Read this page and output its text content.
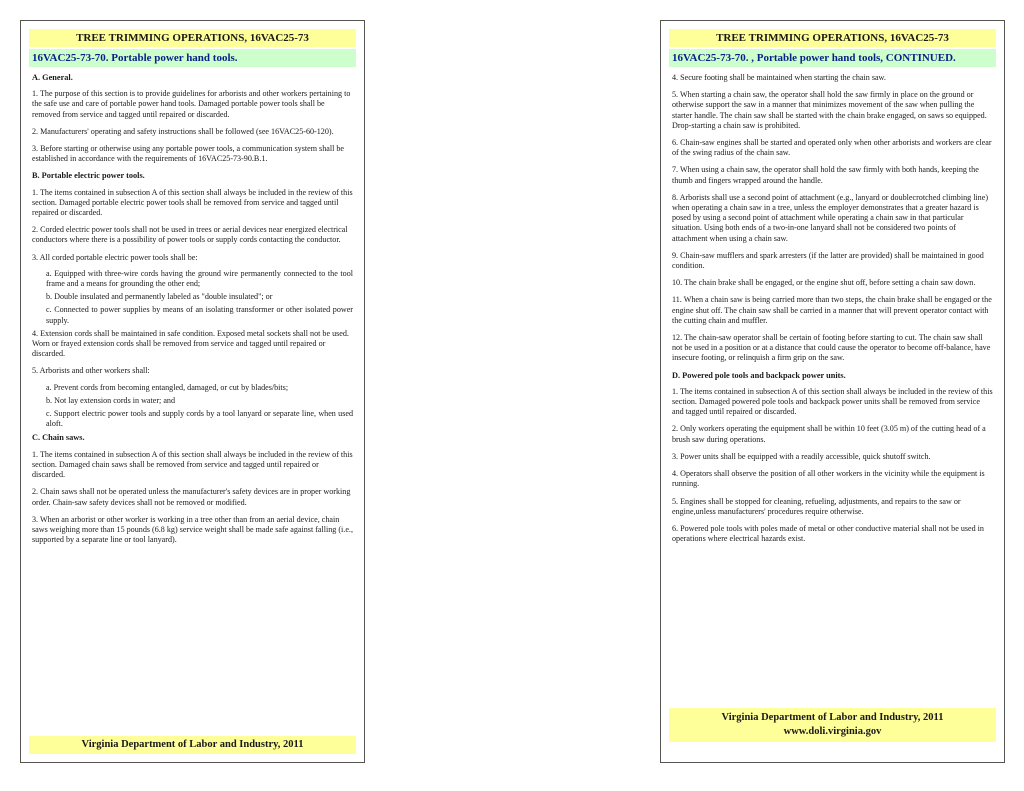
TREE TRIMMING OPERATIONS, 16VAC25-73
16VAC25-73-70. Portable power hand tools.
A. General.

1. The purpose of this section is to provide guidelines for arborists and other workers pertaining to the safe use and care of portable power hand tools. Damaged portable power tools shall be removed from service and tagged until repaired or discarded.

2. Manufacturers' operating and safety instructions shall be followed (see 16VAC25-60-120).

3. Before starting or otherwise using any portable power tools, a communication system shall be established in accordance with the requirements of 16VAC25-73-90.B.1.

B. Portable electric power tools.

1. The items contained in subsection A of this section shall always be included in the review of this section. Damaged portable electric power tools shall be removed from service and tagged until repaired or discarded.

2. Corded electric power tools shall not be used in trees or aerial devices near energized electrical conductors where there is a possibility of power tools or supply cords contacting the conductor.

3. All corded portable electric power tools shall be:

a. Equipped with three-wire cords having the ground wire permanently connected to the tool frame and a means for grounding the other end;

b. Double insulated and permanently labeled as "double insulated"; or

c. Connected to power supplies by means of an isolating transformer or other isolated power supply.

4. Extension cords shall be maintained in safe condition. Exposed metal sockets shall not be used. Worn or frayed extension cords shall be removed from service and tagged until repaired or discarded.

5. Arborists and other workers shall:

a. Prevent cords from becoming entangled, damaged, or cut by blades/bits;

b. Not lay extension cords in water; and

c. Support electric power tools and supply cords by a tool lanyard or separate line, when used aloft.

C. Chain saws.

1. The items contained in subsection A of this section shall always be included in the review of this section. Damaged chain saws shall be removed from service and tagged until repaired or discarded.

2. Chain saws shall not be operated unless the manufacturer's safety devices are in proper working order. Chain-saw safety devices shall not be removed or modified.

3. When an arborist or other worker is working in a tree other than from an aerial device, chain saws weighing more than 15 pounds (6.8 kg) service weight shall be made safe against falling (i.e., supported by a separate line or tool lanyard).

Virginia Department of Labor and Industry, 2011
TREE TRIMMING OPERATIONS, 16VAC25-73
16VAC25-73-70. , Portable power hand tools, CONTINUED.

4. Secure footing shall be maintained when starting the chain saw.

5. When starting a chain saw, the operator shall hold the saw firmly in place on the ground or otherwise support the saw in a manner that minimizes movement of the saw when pulling the starter handle. The chain saw shall be started with the chain brake engaged, on saws so equipped. Drop-starting a chain saw is prohibited.

6. Chain-saw engines shall be started and operated only when other arborists and workers are clear of the swing radius of the chain saw.

7. When using a chain saw, the operator shall hold the saw firmly with both hands, keeping the thumb and fingers wrapped around the handle.

8. Arborists shall use a second point of attachment (e.g., lanyard or doublecrotched climbing line) when operating a chain saw in a tree, unless the employer demonstrates that a greater hazard is posed by using a second point of attachment while operating a chain saw in that particular situation. Using both ends of a two-in-one lanyard shall not be considered two points of attachment when using a chain saw.

9. Chain-saw mufflers and spark arresters (if the latter are provided) shall be maintained in good condition.

10. The chain brake shall be engaged, or the engine shut off, before setting a chain saw down.

11. When a chain saw is being carried more than two steps, the chain brake shall be engaged or the engine shut off. The chain saw shall be carried in a manner that will prevent operator contact with the cutting chain and muffler.

12. The chain-saw operator shall be certain of footing before starting to cut. The chain saw shall not be used in a position or at a distance that could cause the operator to become off-balance, have insecure footing, or relinquish a firm grip on the saw.

D. Powered pole tools and backpack power units.

1. The items contained in subsection A of this section shall always be included in the review of this section. Damaged powered pole tools and backpack power units shall be removed from service and tagged until repaired or discarded.

2. Only workers operating the equipment shall be within 10 feet (3.05 m) of the cutting head of a brush saw during operations.

3. Power units shall be equipped with a readily accessible, quick shutoff switch.

4. Operators shall observe the position of all other workers in the vicinity while the equipment is running.

5. Engines shall be stopped for cleaning, refueling, adjustments, and repairs to the saw or engine,unless manufacturers' procedures require otherwise.

6. Powered pole tools with poles made of metal or other conductive material shall not be used in operations where electrical hazards exist.

Virginia Department of Labor and Industry, 2011
www.doli.virginia.gov
